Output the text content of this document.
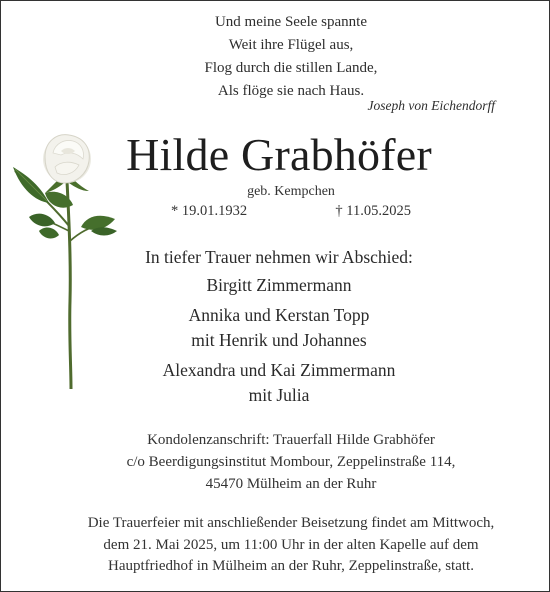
Und meine Seele spannte
Weit ihre Flügel aus,
Flog durch die stillen Lande,
Als flöge sie nach Haus.
Joseph von Eichendorff
Hilde Grabhöfer
geb. Kempchen
* 19.01.1932	† 11.05.2025
In tiefer Trauer nehmen wir Abschied:
Birgitt Zimmermann
Annika und Kerstan Topp
mit Henrik und Johannes
Alexandra und Kai Zimmermann
mit Julia
Kondolenzanschrift: Trauerfall Hilde Grabhöfer
c/o Beerdigungsinstitut Mombour, Zeppelinstraße 114,
45470 Mülheim an der Ruhr
Die Trauerfeier mit anschließender Beisetzung findet am Mittwoch,
dem 21. Mai 2025, um 11:00 Uhr in der alten Kapelle auf dem
Hauptfriedhof in Mülheim an der Ruhr, Zeppelinstraße, statt.
